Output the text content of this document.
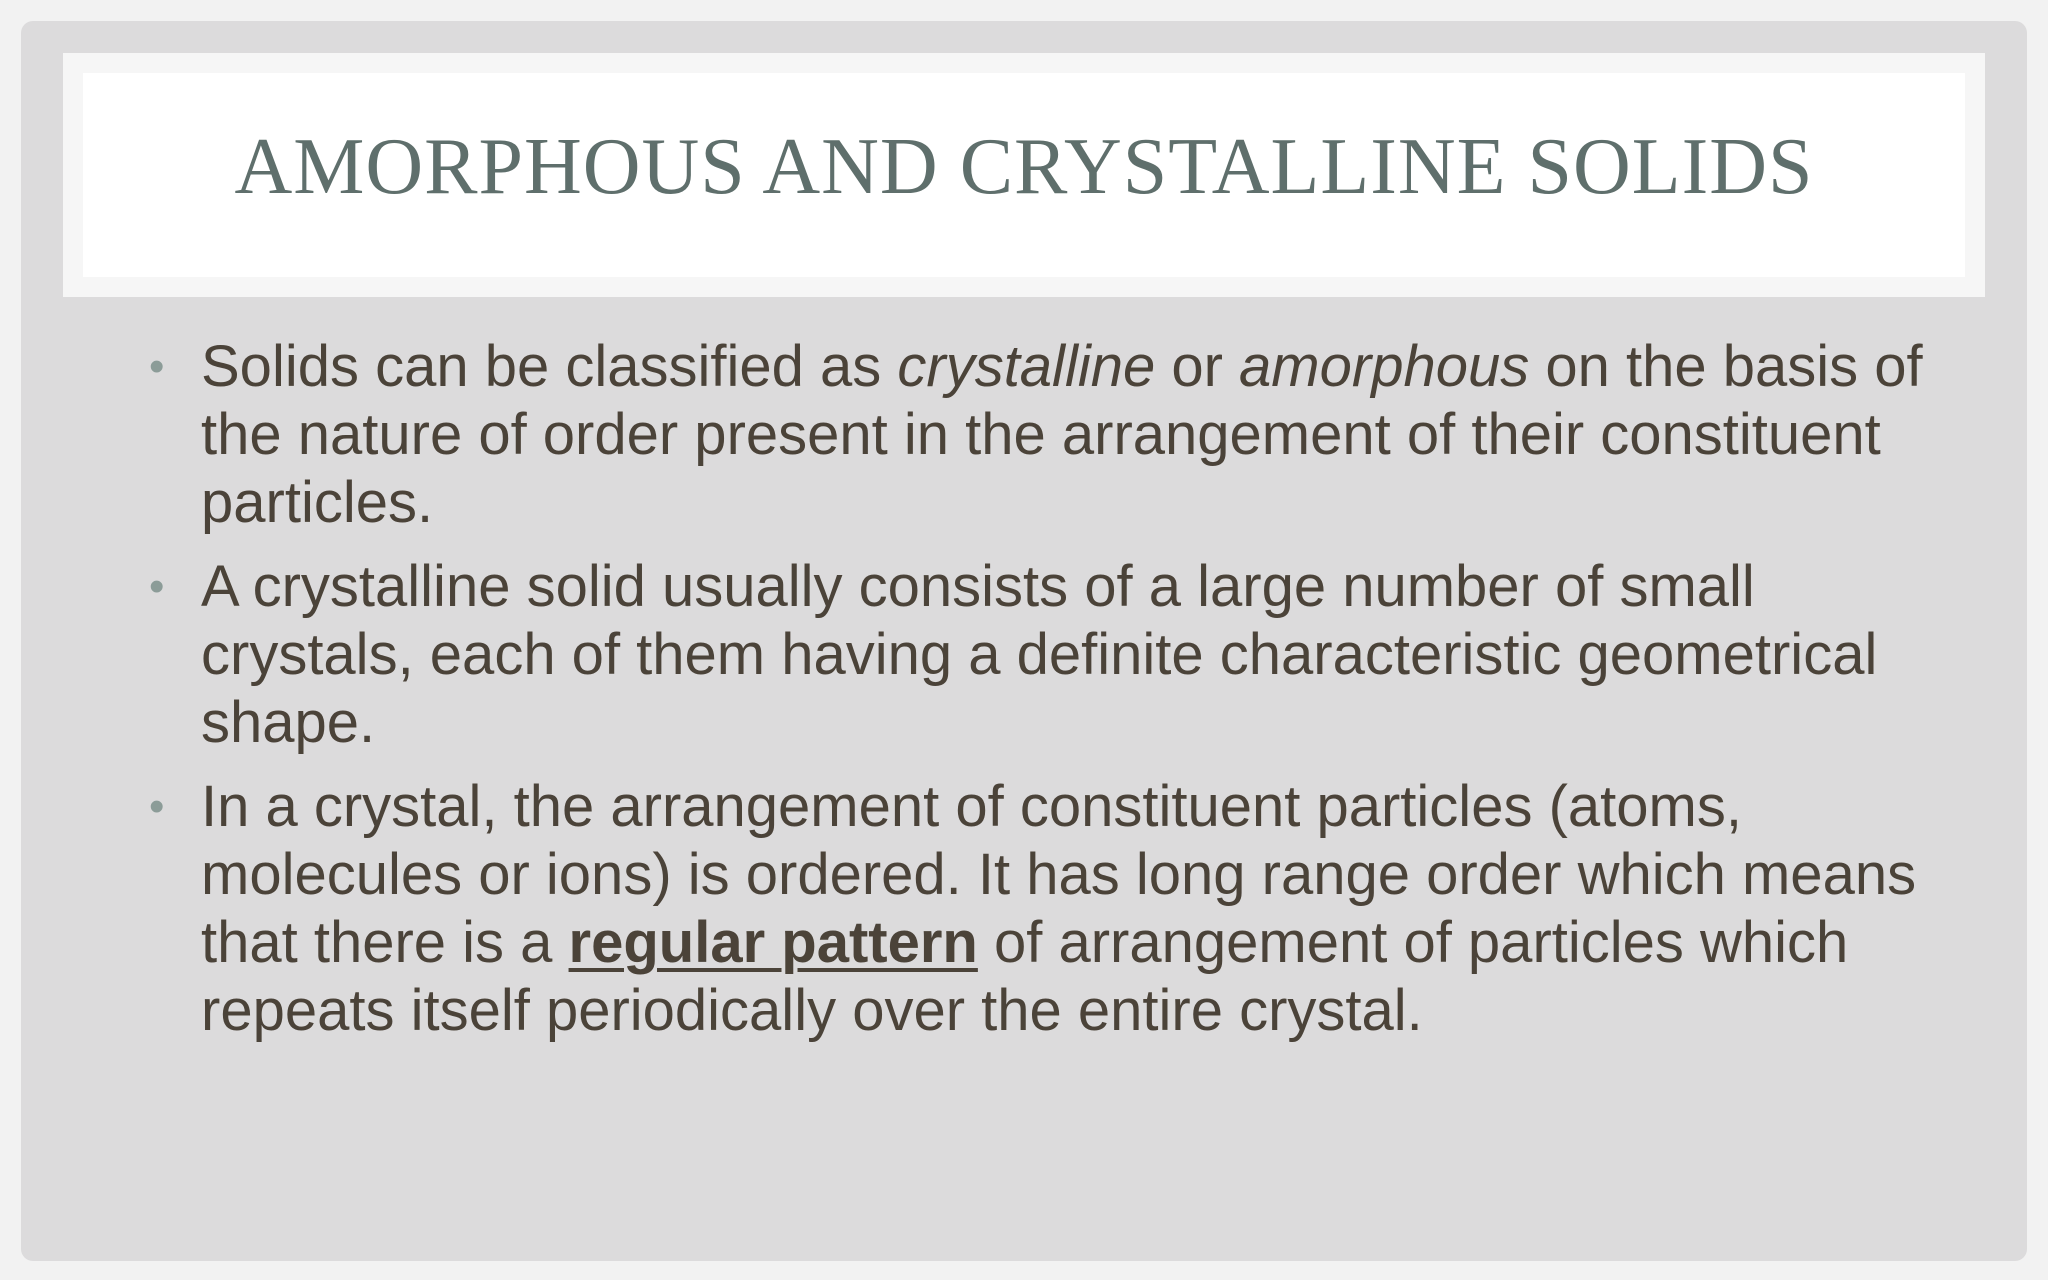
AMORPHOUS AND CRYSTALLINE SOLIDS

• Solids can be classified as crystalline or amorphous on the basis of the nature of order present in the arrangement of their constituent particles.

• A crystalline solid usually consists of a large number of small crystals, each of them having a definite characteristic geometrical shape.

• In a crystal, the arrangement of constituent particles (atoms, molecules or ions) is ordered. It has long range order which means that there is a regular pattern of arrangement of particles which repeats itself periodically over the entire crystal.
